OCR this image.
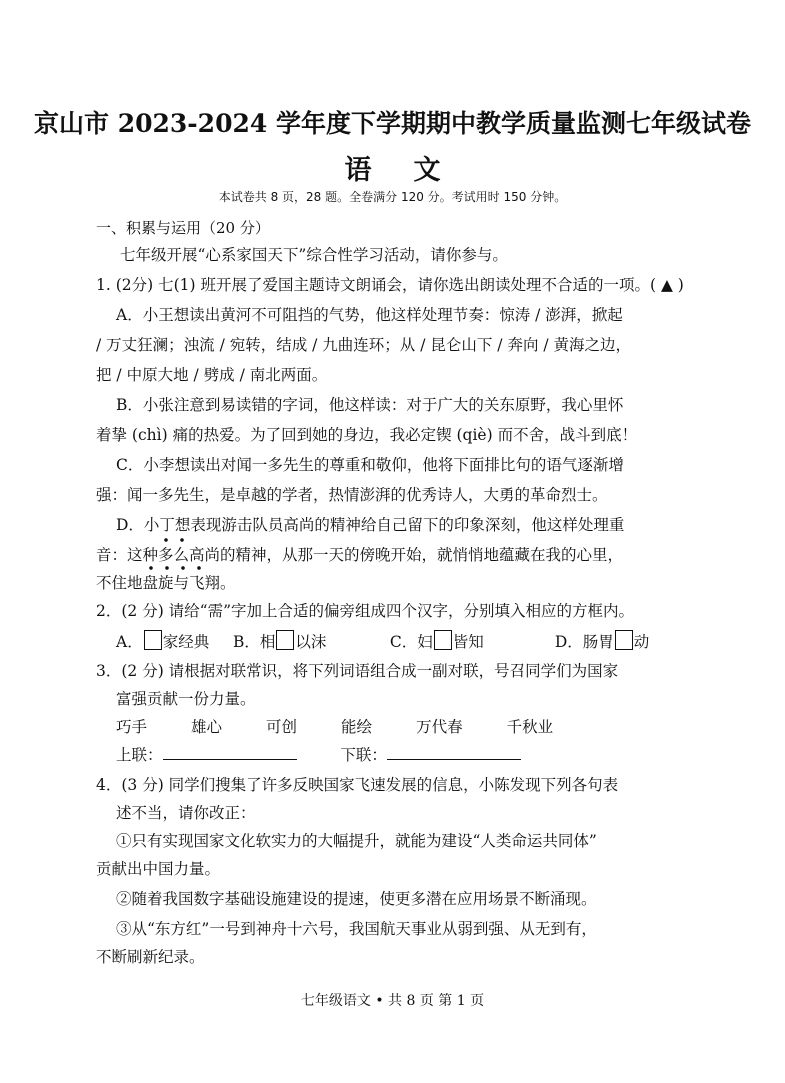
京山市 2023-2024 学年度下学期期中教学质量监测七年级试卷
语文
本试卷共 8 页，28 题。全卷满分 120 分。考试用时 150 分钟。
一、积累与运用（20 分）
七年级开展“心系家国天下”综合性学习活动，请你参与。
1. (2分) 七(1) 班开展了爱国主题诗文朗诵会，请你选出朗读处理不合适的一项。( ▲ )
A．小王想读出黄河不可阻挡的气势，他这样处理节奏：惊涛 / 澎湃，掀起
/ 万丈狂澜；浊流 / 宛转，结成 / 九曲连环；从 / 昆仑山下 / 奔向 / 黄海之边，
把 / 中原大地 / 劈成 / 南北两面。
B．小张注意到易读错的字词，他这样读：对于广大的关东原野，我心里怀
着挚 (chì) 痛的热爱。为了回到她的身边，我必定锲 (qiè) 而不舍，战斗到底！
C．小李想读出对闻一多先生的尊重和敬仰，他将下面排比句的语气逐渐增
强：闻一多先生，是卓越的学者，热情澎湃的优秀诗人，大勇的革命烈士。
D．小丁想表现游击队员高尚的精神给自己留下的印象深刻，他这样处理重
音：这种多么高尚的精神，从那一天的傍晚开始，就悄悄地蕴藏在我的心里，
不住地盘旋与飞翔。
2．(2 分) 请给“需”字加上合适的偏旁组成四个汉字，分别填入相应的方框内。
A． 家经典 B．相 以沫	C．妇 皆知	D．肠胃 动
3．(2 分) 请根据对联常识，将下列词语组合成一副对联，号召同学们为国家
富强贡献一份力量。
巧手	雄心	可创	能绘	万代春	千秋业
上联：	下联：
4．(3 分) 同学们搜集了许多反映国家飞速发展的信息，小陈发现下列各句表
述不当，请你改正：
①只有实现国家文化软实力的大幅提升，就能为建设“人类命运共同体”
贡献出中国力量。
②随着我国数字基础设施建设的提速，使更多潜在应用场景不断涌现。
③从“东方红”一号到神舟十六号，我国航天事业从弱到强、从无到有，
不断刷新纪录。
七年级语文 • 共 8 页 第 1 页
